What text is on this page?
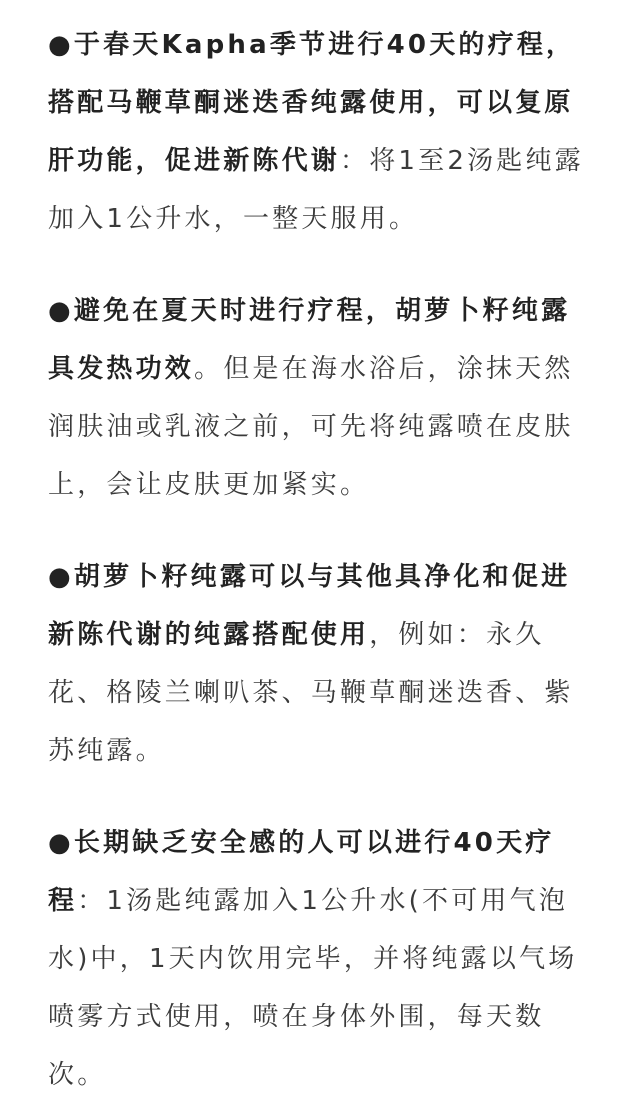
●于春天Kapha季节进行40天的疗程，搭配马鞭草酮迷迭香纯露使用，可以复原肝功能，促进新陈代谢：将1至2汤匙纯露加入1公升水，一整天服用。

●避免在夏天时进行疗程，胡萝卜籽纯露具发热功效。但是在海水浴后，涂抹天然润肤油或乳液之前，可先将纯露喷在皮肤上，会让皮肤更加紧实。

●胡萝卜籽纯露可以与其他具净化和促进新陈代谢的纯露搭配使用，例如：永久花、格陵兰喇叭茶、马鞭草酮迷迭香、紫苏纯露。

●长期缺乏安全感的人可以进行40天疗程：1汤匙纯露加入1公升水(不可用气泡水)中，1天内饮用完毕，并将纯露以气场喷雾方式使用，喷在身体外围，每天数次。
